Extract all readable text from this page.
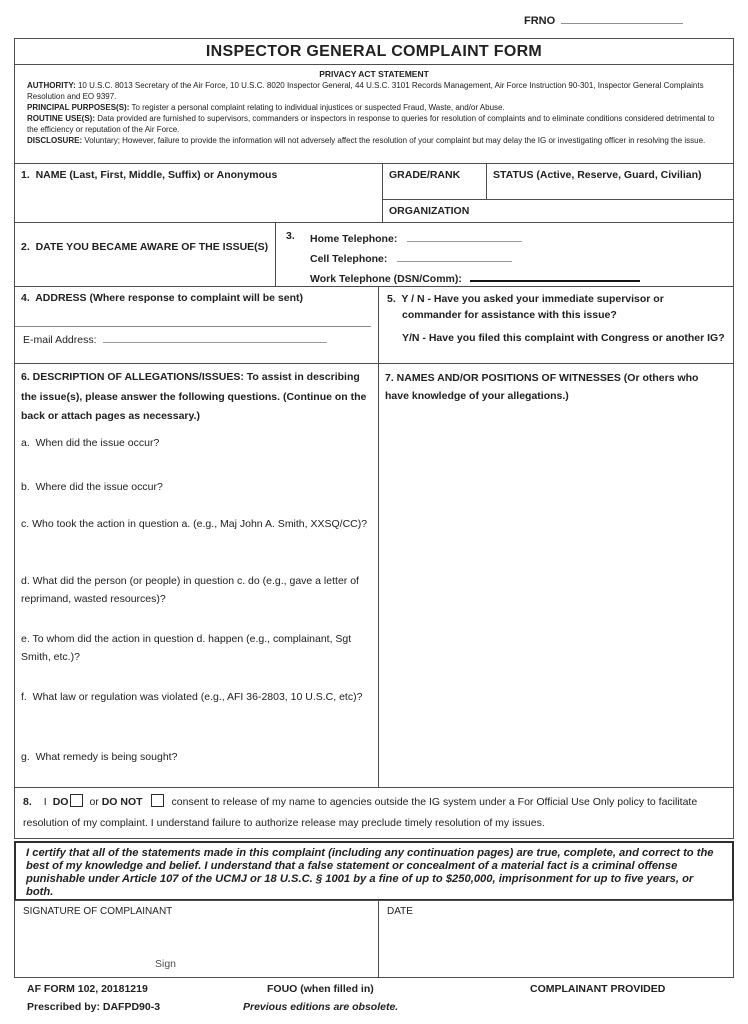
FRNO
INSPECTOR GENERAL COMPLAINT FORM
PRIVACY ACT STATEMENT

AUTHORITY: 10 U.S.C. 8013 Secretary of the Air Force, 10 U.S.C. 8020 Inspector General, 44 U.S.C. 3101 Records Management, Air Force Instruction 90-301, Inspector General Complaints Resolution and EO 9397.

PRINCIPAL PURPOSES(S): To register a personal complaint relating to individual injustices or suspected Fraud, Waste, and/or Abuse.

ROUTINE USE(S): Data provided are furnished to supervisors, commanders or inspectors in response to queries for resolution of complaints and to eliminate conditions considered detrimental to the efficiency or reputation of the Air Force.

DISCLOSURE: Voluntary; However, failure to provide the information will not adversely affect the resolution of your complaint but may delay the IG or investigating officer in resolving the issue.

1.  NAME (Last, First, Middle, Suffix) or Anonymous	GRADE/RANK	STATUS (Active, Reserve, Guard, Civilian)
ORGANIZATION
2.  DATE YOU BECAME AWARE OF THE ISSUE(S)
3. Home Telephone:
Cell Telephone:
Work Telephone (DSN/Comm):
4.  ADDRESS (Where response to complaint will be sent)
E-mail Address:

5.  Y / N - Have you asked your immediate supervisor or commander for assistance with this issue?

Y/N - Have you filed this complaint with Congress or another IG?

6. DESCRIPTION OF ALLEGATIONS/ISSUES: To assist in describing the issue(s), please answer the following questions. (Continue on the back or attach pages as necessary.)
a.  When did the issue occur?
b.  Where did the issue occur?
c. Who took the action in question a. (e.g., Maj John A. Smith, XXSQ/CC)?
d. What did the person (or people) in question c. do (e.g., gave a letter of reprimand, wasted resources)?
e. To whom did the action in question d. happen (e.g., complainant, Sgt Smith, etc.)?
f.  What law or regulation was violated (e.g., AFI 36-2803, 10 U.S.C, etc)?
g.  What remedy is being sought?
7. NAMES AND/OR POSITIONS OF WITNESSES (Or others who have knowledge of your allegations.)
8. I DO or DO NOT	consent to release of my name to agencies outside the IG system under a For Official Use Only policy to facilitate resolution of my complaint. I understand failure to authorize release may preclude timely resolution of my issues.
I certify that all of the statements made in this complaint (including any continuation pages) are true, complete, and correct to the best of my knowledge and belief. I understand that a false statement or concealment of a material fact is a criminal offense punishable under Article 107 of the UCMJ or 18 U.S.C. § 1001 by a fine of up to $250,000, imprisonment for up to five years, or both.
SIGNATURE OF COMPLAINANT
Sign
DATE
AF FORM 102, 20181219
Prescribed by: DAFPD90-3
FOUO (when filled in)
Previous editions are obsolete.
COMPLAINANT PROVIDED
